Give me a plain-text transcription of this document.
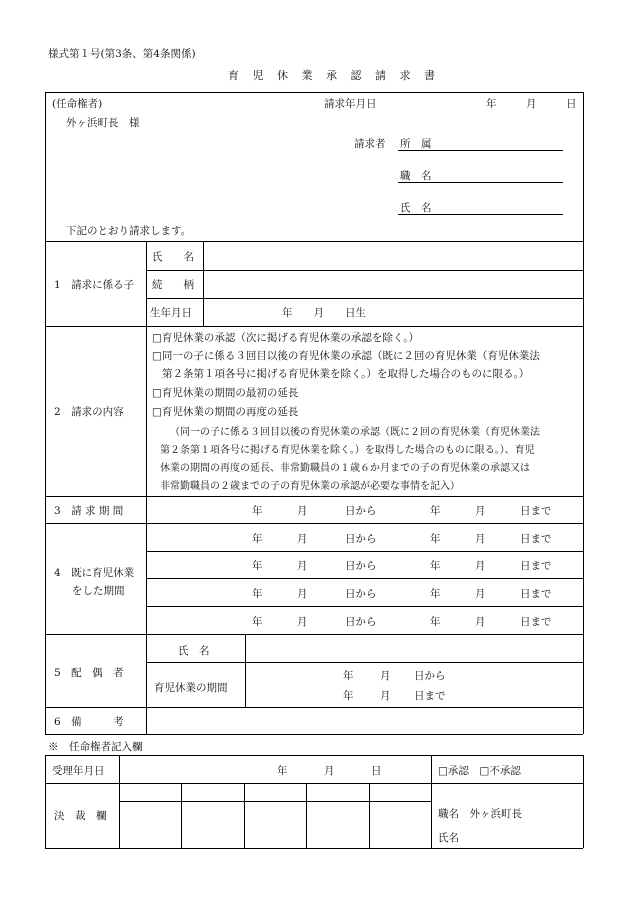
様式第１号(第3条、第4条関係)
育 児 休 業 承 認 請 求 書
(任命権者)
外ヶ浜町長　様
請求年月日	年	月	日
請求者 所　属
職　名
氏　名
下記のとおり請求します。
1　請求に係る子
氏　　名
続　　柄
生年月日	年　　月　　日生
2　請求の内容
□育児休業の承認（次に掲げる育児休業の承認を除く。）
□同一の子に係る３回目以後の育児休業の承認（既に２回の育児休業（育児休業法
第２条第１項各号に掲げる育児休業を除く。）を取得した場合のものに限る。）
□育児休業の期間の最初の延長
□育児休業の期間の再度の延長
（同一の子に係る３回目以後の育児休業の承認（既に２回の育児休業（育児休業法
第２条第１項各号に掲げる育児休業を除く。）を取得した場合のものに限る。）、育児
休業の期間の再度の延長、非常勤職員の１歳６か月までの子の育児休業の承認又は
非常勤職員の２歳までの子の育児休業の承認が必要な事情を記入）
3　請 求 期 間	年	月	日から	年	月	日まで
4　既に育児休業
をした期間
年	月	日から	年	月	日まで
年	月	日から	年	月	日まで
年	月	日から	年	月	日まで
年	月	日から	年	月	日まで
5　配　偶　者
氏　名
育児休業の期間
年	月 日から
年	月 日まで
6　備　　　考
※　任命権者記入欄
受理年月日	年	月	日	□承認　□不承認
決　裁　欄	職名　外ヶ浜町長
氏名
